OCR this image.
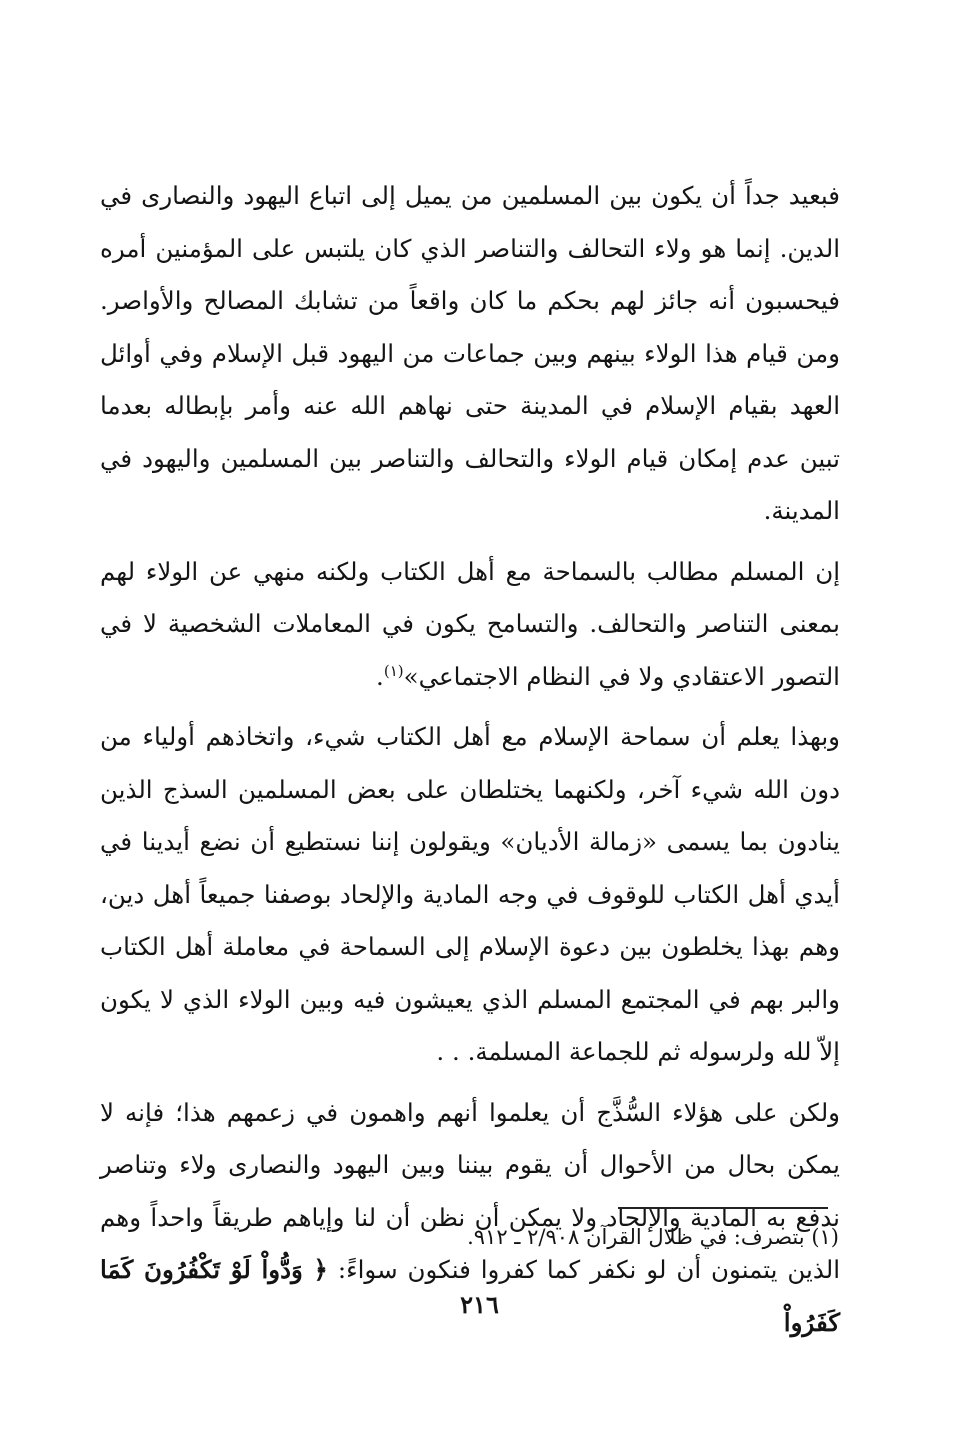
فبعيد جداً أن يكون بين المسلمين من يميل إلى اتباع اليهود والنصارى في الدين. إنما هو ولاء التحالف والتناصر الذي كان يلتبس على المؤمنين أمره فيحسبون أنه جائز لهم بحكم ما كان واقعاً من تشابك المصالح والأواصر. ومن قيام هذا الولاء بينهم وبين جماعات من اليهود قبل الإسلام وفي أوائل العهد بقيام الإسلام في المدينة حتى نهاهم الله عنه وأمر بإبطاله بعدما تبين عدم إمكان قيام الولاء والتحالف والتناصر بين المسلمين واليهود في المدينة.

إن المسلم مطالب بالسماحة مع أهل الكتاب ولكنه منهي عن الولاء لهم بمعنى التناصر والتحالف. والتسامح يكون في المعاملات الشخصية لا في التصور الاعتقادي ولا في النظام الاجتماعي»$^{(١)}$.

وبهذا يعلم أن سماحة الإسلام مع أهل الكتاب شيء، واتخاذهم أولياء من دون الله شيء آخر، ولكنهما يختلطان على بعض المسلمين السذج الذين ينادون بما يسمى «زمالة الأديان» ويقولون إننا نستطيع أن نضع أيدينا في أيدي أهل الكتاب للوقوف في وجه المادية والإلحاد بوصفنا جميعاً أهل دين، وهم بهذا يخلطون بين دعوة الإسلام إلى السماحة في معاملة أهل الكتاب والبر بهم في المجتمع المسلم الذي يعيشون فيه وبين الولاء الذي لا يكون إلاّ لله ولرسوله ثم للجماعة المسلمة. . .

ولكن على هؤلاء السُّذَّج أن يعلموا أنهم واهمون في زعمهم هذا؛ فإنه لا يمكن بحال من الأحوال أن يقوم بيننا وبين اليهود والنصارى ولاء وتناصر ندفع به المادية والإلحاد ولا يمكن أن نظن أن لنا وإياهم طريقاً واحداً وهم الذين يتمنون أن لو نكفر كما كفروا فنكون سواءً: ﴿ وَدُّواْ لَوْ تَكْفُرُونَ كَمَا كَفَرُواْ

(١) بتصرف: في ظلال القرآن ٢/٩٠٨ ـ ٩١٢.
٢١٦
